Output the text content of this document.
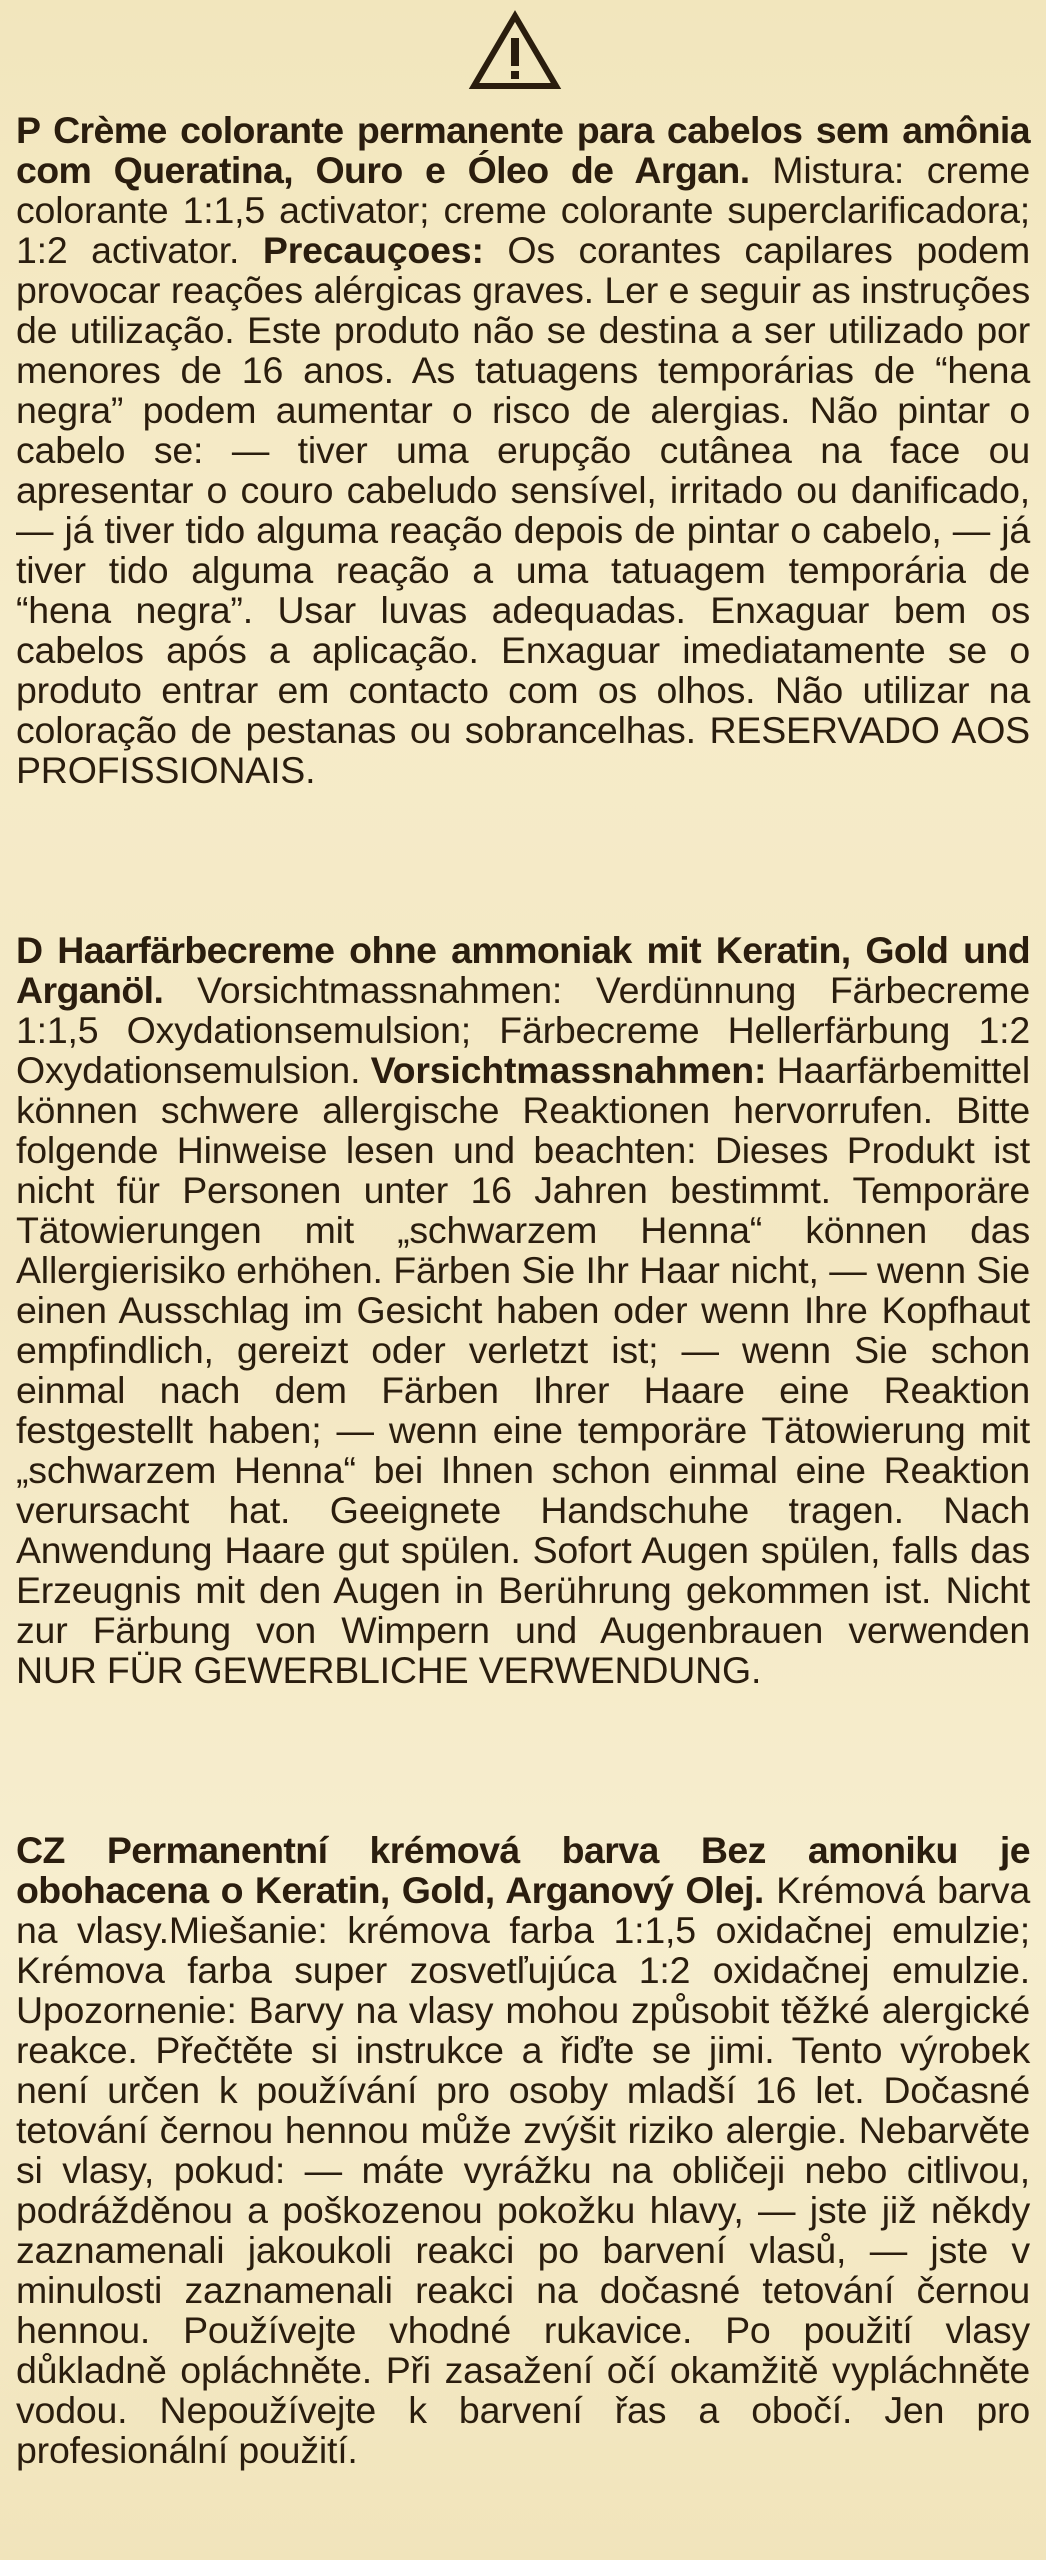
P Crème colorante permanente para cabelos sem amônia com Queratina, Ouro e Óleo de Argan. Mistura: creme colorante 1:1,5 activator; creme colorante superclarificadora; 1:2 activator. Precauçoes: Os corantes capilares podem provocar reações alérgicas graves. Ler e seguir as instruções de utilização. Este produto não se destina a ser utilizado por menores de 16 anos. As tatuagens temporárias de “hena negra” podem aumentar o risco de alergias. Não pintar o cabelo se: — tiver uma erupção cutânea na face ou apresentar o couro cabeludo sensível, irritado ou danificado, — já tiver tido alguma reação depois de pintar o cabelo, — já tiver tido alguma reação a uma tatuagem temporária de “hena negra”. Usar luvas adequadas. Enxaguar bem os cabelos após a aplicação. Enxaguar imediatamente se o produto entrar em contacto com os olhos. Não utilizar na coloração de pestanas ou sobrancelhas. RESERVADO AOS PROFISSIONAIS.
D Haarfärbecreme ohne ammoniak mit Keratin, Gold und Arganöl. Vorsichtmassnahmen: Verdünnung Färbecreme 1:1,5 Oxydationsemulsion; Färbecreme Hellerfärbung 1:2 Oxydationsemulsion. Vorsichtmassnahmen: Haarfärbemittel können schwere allergische Reaktionen hervorrufen. Bitte folgende Hinweise lesen und beachten: Dieses Produkt ist nicht für Personen unter 16 Jahren bestimmt. Temporäre Tätowierungen mit „schwarzem Henna“ können das Allergierisiko erhöhen. Färben Sie Ihr Haar nicht, — wenn Sie einen Ausschlag im Gesicht haben oder wenn Ihre Kopfhaut empfindlich, gereizt oder verletzt ist; — wenn Sie schon einmal nach dem Färben Ihrer Haare eine Reaktion festgestellt haben; — wenn eine temporäre Tätowierung mit „schwarzem Henna“ bei Ihnen schon einmal eine Reaktion verursacht hat. Geeignete Handschuhe tragen. Nach Anwendung Haare gut spülen. Sofort Augen spülen, falls das Erzeugnis mit den Augen in Berührung gekommen ist. Nicht zur Färbung von Wimpern und Augenbrauen verwenden NUR FÜR GEWERBLICHE VERWENDUNG.
CZ Permanentní krémová barva Bez amoniku je obohacena o Keratin, Gold, Arganový Olej. Krémová barva na vlasy.Miešanie: krémova farba 1:1,5 oxidačnej emulzie; Krémova farba super zosvetľujúca 1:2 oxidačnej emulzie. Upozornenie: Barvy na vlasy mohou způsobit těžké alergické reakce. Přečtěte si instrukce a řiďte se jimi. Tento výrobek není určen k používání pro osoby mladší 16 let. Dočasné tetování černou hennou může zvýšit riziko alergie. Nebarvěte si vlasy, pokud: — máte vyrážku na obličeji nebo citlivou, podrážděnou a poškozenou pokožku hlavy, — jste již někdy zaznamenali jakoukoli reakci po barvení vlasů, — jste v minulosti zaznamenali reakci na dočasné tetování černou hennou. Používejte vhodné rukavice. Po použití vlasy důkladně opláchněte. Při zasažení očí okamžitě vypláchněte vodou. Nepoužívejte k barvení řas a obočí. Jen pro profesionální použití.
